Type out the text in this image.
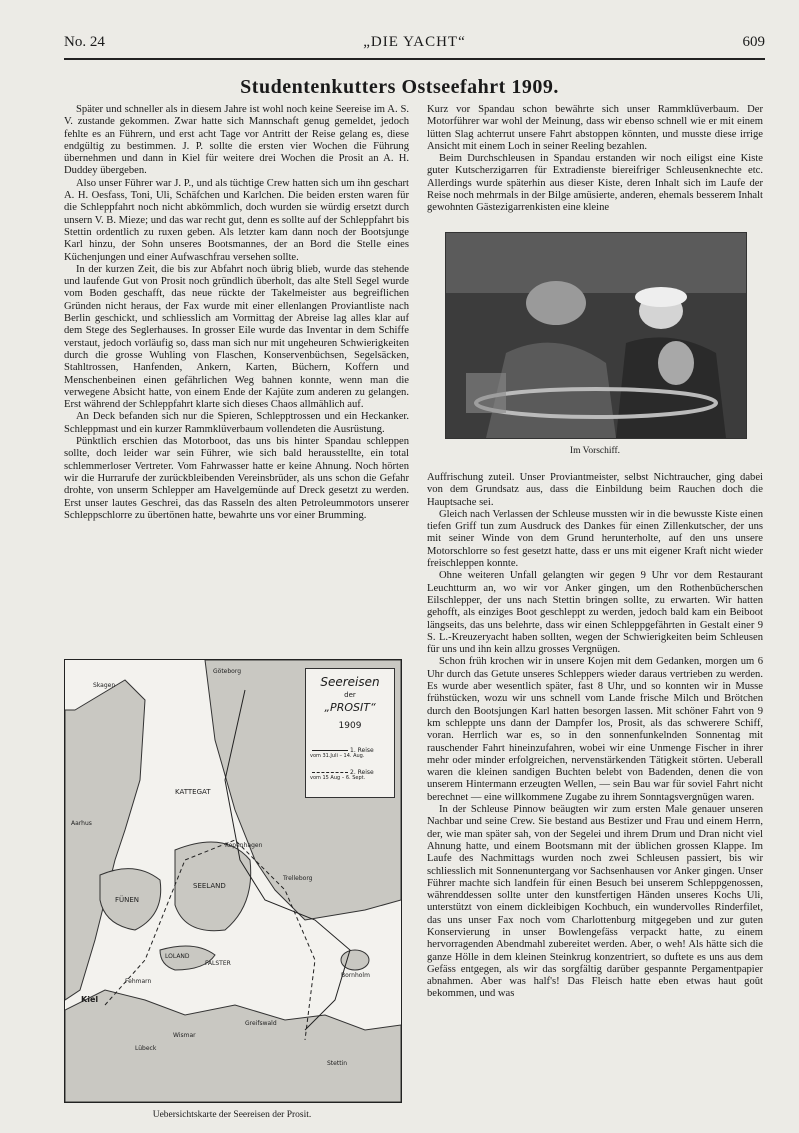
No. 24	„DIE YACHT“	609
Studentenkutters Ostseefahrt 1909.

Später und schneller als in diesem Jahre ist wohl noch keine Seereise im A. S. V. zustande gekommen. Zwar hatte sich Mannschaft genug gemeldet, jedoch fehlte es an Führern, und erst acht Tage vor Antritt der Reise gelang es, diese endgültig zu bestimmen. J. P. sollte die ersten vier Wochen die Führung übernehmen und dann in Kiel für weitere drei Wochen die Prosit an A. H. Duddey übergeben.

Also unser Führer war J. P., und als tüchtige Crew hatten sich um ihn geschart A. H. Oesfass, Toni, Uli, Schäfchen und Karlchen. Die beiden ersten waren für die Schleppfahrt noch nicht abkömmlich, doch wurden sie würdig ersetzt durch unsern V. B. Mieze; und das war recht gut, denn es sollte auf der Schleppfahrt bis Stettin ordentlich zu ruxen geben. Als letzter kam dann noch der Bootsjunge Karl hinzu, der Sohn unseres Bootsmannes, der an Bord die Stelle eines Küchenjungen und einer Aufwaschfrau versehen sollte.

In der kurzen Zeit, die bis zur Abfahrt noch übrig blieb, wurde das stehende und laufende Gut von Prosit noch gründlich überholt, das alte Stell Segel wurde vom Boden geschafft, das neue rückte der Takelmeister aus begreiflichen Gründen nicht heraus, der Fax wurde mit einer ellenlangen Proviantliste nach Berlin geschickt, und schliesslich am Vormittag der Abreise lag alles klar auf dem Stege des Seglerhauses. In grosser Eile wurde das Inventar in dem Schiffe verstaut, jedoch vorläufig so, dass man sich nur mit ungeheuren Schwierigkeiten durch die grosse Wuhling von Flaschen, Konservenbüchsen, Segelsäcken, Stahltrossen, Hanfenden, Ankern, Karten, Büchern, Koffern und Menschenbeinen einen gefährlichen Weg bahnen konnte, wenn man die verwegene Absicht hatte, von einem Ende der Kajüte zum anderen zu gelangen. Erst während der Schleppfahrt klarte sich dieses Chaos allmählich auf.

An Deck befanden sich nur die Spieren, Schlepptrossen und ein Heckanker. Schleppmast und ein kurzer Rammklüverbaum vollendeten die Ausrüstung.

Pünktlich erschien das Motorboot, das uns bis hinter Spandau schleppen sollte, doch leider war sein Führer, wie sich bald herausstellte, ein total schlemmerloser Vertreter. Vom Fahrwasser hatte er keine Ahnung. Noch hörten wir die Hurrarufe der zurückbleibenden Vereinsbrüder, als uns schon die Gefahr drohte, von unserm Schlepper am Havelgemünde auf Dreck gesetzt zu werden. Erst unser lautes Geschrei, das das Rasseln des alten Petroleummotors unserer Schleppschlorre zu übertönen hatte, bewahrte uns vor einer Brumming.

Kurz vor Spandau schon bewährte sich unser Rammklüverbaum. Der Motorführer war wohl der Meinung, dass wir ebenso schnell wie er mit einem lütten Slag achterrut unsere Fahrt abstoppen könnten, und musste diese irrige Ansicht mit einem Loch in seiner Reeling bezahlen.

Beim Durchschleusen in Spandau erstanden wir noch eiligst eine Kiste guter Kutscherzigarren für Extradienste biereifriger Schleusenknechte etc. Allerdings wurde späterhin aus dieser Kiste, deren Inhalt sich im Laufe der Reise noch mehrmals in der Bilge amüsierte, anderen, ehemals besserem Inhalt gewohnten Gästezigarrenkisten eine kleine

Im Vorschiff.

Auffrischung zuteil. Unser Proviantmeister, selbst Nichtraucher, ging dabei von dem Grundsatz aus, dass die Einbildung beim Rauchen doch die Hauptsache sei.

Gleich nach Verlassen der Schleuse mussten wir in die bewusste Kiste einen tiefen Griff tun zum Ausdruck des Dankes für einen Zillenkutscher, der uns mit seiner Winde von dem Grund herunterholte, auf den uns unsere Motorschlorre so fest gesetzt hatte, dass er uns mit eigener Kraft nicht wieder freischleppen konnte.

Ohne weiteren Unfall gelangten wir gegen 9 Uhr vor dem Restaurant Leuchtturm an, wo wir vor Anker gingen, um den Rothenbücherschen Eilschlepper, der uns nach Stettin bringen sollte, zu erwarten. Wir hatten gehofft, als einziges Boot geschleppt zu werden, jedoch bald kam ein Beiboot längseits, das uns belehrte, dass wir einen Schleppgefährten in Gestalt einer 9 S. L.-Kreuzeryacht haben sollten, wegen der Schwierigkeiten beim Schleusen für uns und ihn kein allzu grosses Vergnügen.

Schon früh krochen wir in unsere Kojen mit dem Gedanken, morgen um 6 Uhr durch das Getute unseres Schleppers wieder daraus vertrieben zu werden. Es wurde aber wesentlich später, fast 8 Uhr, und so konnten wir in Musse frühstücken, wozu wir uns schnell vom Lande frische Milch und Brötchen durch den Bootsjungen Karl hatten besorgen lassen. Mit schöner Fahrt von 9 km schleppte uns dann der Dampfer los, Prosit, als das schwerere Schiff, voran. Herrlich war es, so in den sonnenfunkelnden Sonnentag mit rauschender Fahrt hineinzufahren, wobei wir eine Unmenge Fischer in ihrer mehr oder minder erfolgreichen, nervenstärkenden Tätigkeit störten. Ueberall waren die kleinen sandigen Buchten belebt von Badenden, denen die von unserem Hintermann erzeugten Wellen, — sein Bau war für soviel Fahrt nicht berechnet — eine willkommene Zugabe zu ihrem Sonntagsvergnügen waren.

In der Schleuse Pinnow beäugten wir zum ersten Male genauer unseren Nachbar und seine Crew. Sie bestand aus Bestizer und Frau und einem Herrn, der, wie man später sah, von der Segelei und ihrem Drum und Dran nicht viel Ahnung hatte, und einem Bootsmann mit der üblichen grossen Klappe. Im Laufe des Nachmittags wurden noch zwei Schleusen passiert, bis wir schliesslich mit Sonnenuntergang vor Sachsenhausen vor Anker gingen. Unser Führer machte sich landfein für einen Besuch bei unserem Schleppgenossen, währenddessen sollte unter den kunstfertigen Händen unseres Kochs Uli, unterstützt von einem dickleibigen Kochbuch, ein wundervolles Rinderfilet, das uns unser Fax noch vom Charlottenburg mitgegeben und zur guten Konservierung in unser Bowlengefäss verpackt hatte, zu einem hervorragenden Abendmahl zubereitet werden. Aber, o weh! Als hätte sich die ganze Hölle in dem kleinen Steinkrug konzentriert, so duftete es uns aus dem Gefäss entgegen, als wir das sorgfältig darüber gespannte Pergamentpapier abnahmen. Aber was half's! Das Fleisch hatte eben etwas haut goût bekommen, und was

Skagen
Göteborg
KATTEGAT
Aarhus
FÜNEN
SEELAND
Kopenhagen
Trelleborg
LOLAND
FALSTER
Fehmarn
Kiel
Lübeck
Wismar
Greifswald
Bornholm
Stettin
Seereisen
der
„PROSIT“
1909
1. Reise
vom 31.Juli – 14. Aug.
2. Reise
vom 15 Aug – 6. Sept.
Uebersichtskarte der Seereisen der Prosit.
